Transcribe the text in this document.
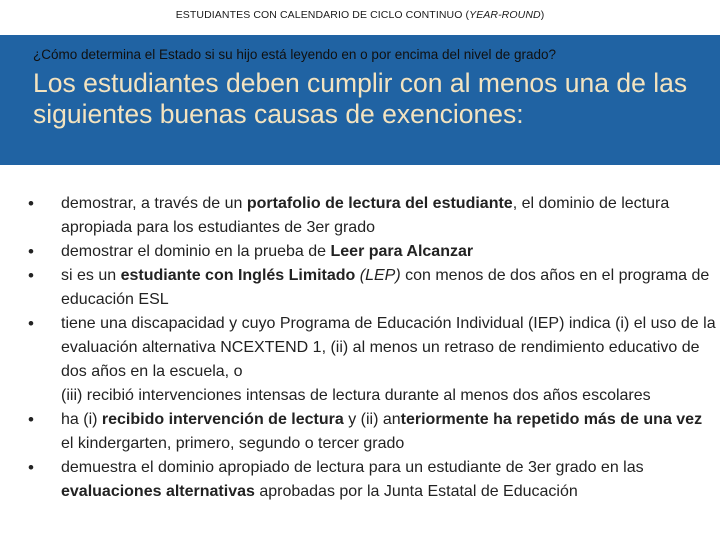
ESTUDIANTES CON CALENDARIO DE CICLO CONTINUO (YEAR-ROUND)
¿Cómo determina el Estado si su hijo está leyendo en o por encima del nivel de grado?
Los estudiantes deben cumplir con al menos una de las siguientes buenas causas de exenciones:
• demostrar, a través de un portafolio de lectura del estudiante, el dominio de lectura apropiada para los estudiantes de 3er grado
• demostrar el dominio en la prueba de Leer para Alcanzar
• si es un estudiante con Inglés Limitado (LEP) con menos de dos años en el programa de educación ESL
• tiene una discapacidad y cuyo Programa de Educación Individual (IEP) indica (i) el uso de la evaluación alternativa NCEXTEND 1, (ii) al menos un retraso de rendimiento educativo de dos años en la escuela, o
(iii) recibió intervenciones intensas de lectura durante al menos dos años escolares
• ha (i) recibido intervención de lectura y (ii) anteriormente ha repetido más de una vez el kindergarten, primero, segundo o tercer grado
• demuestra el dominio apropiado de lectura para un estudiante de 3er grado en las evaluaciones alternativas aprobadas por la Junta Estatal de Educación
